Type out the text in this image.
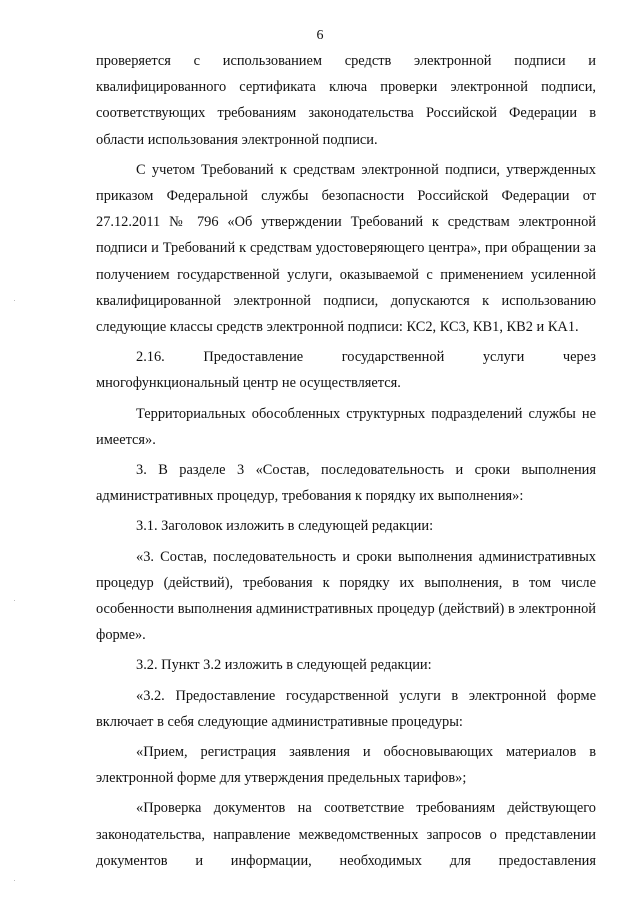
6

проверяется с использованием средств электронной подписи и квалифицированного сертификата ключа проверки электронной подписи, соответствующих требованиям законодательства Российской Федерации в области использования электронной подписи.

С учетом Требований к средствам электронной подписи, утвержденных приказом Федеральной службы безопасности Российской Федерации от 27.12.2011 № 796 «Об утверждении Требований к средствам электронной подписи и Требований к средствам удостоверяющего центра», при обращении за получением государственной услуги, оказываемой с применением усиленной квалифицированной электронной подписи, допускаются к использованию следующие классы средств электронной подписи: КС2, КС3, КВ1, КВ2 и КА1.

2.16. Предоставление государственной услуги через многофункциональный центр не осуществляется.

Территориальных обособленных структурных подразделений службы не имеется».

3. В разделе 3 «Состав, последовательность и сроки выполнения административных процедур, требования к порядку их выполнения»:

3.1. Заголовок изложить в следующей редакции:

«3. Состав, последовательность и сроки выполнения административных процедур (действий), требования к порядку их выполнения, в том числе особенности выполнения административных процедур (действий) в электронной форме».

3.2. Пункт 3.2 изложить в следующей редакции:

«3.2. Предоставление государственной услуги в электронной форме включает в себя следующие административные процедуры:

«Прием, регистрация заявления и обосновывающих материалов в электронной форме для утверждения предельных тарифов»;

«Проверка документов на соответствие требованиям действующего законодательства, направление межведомственных запросов о представлении документов и информации, необходимых для предоставления
